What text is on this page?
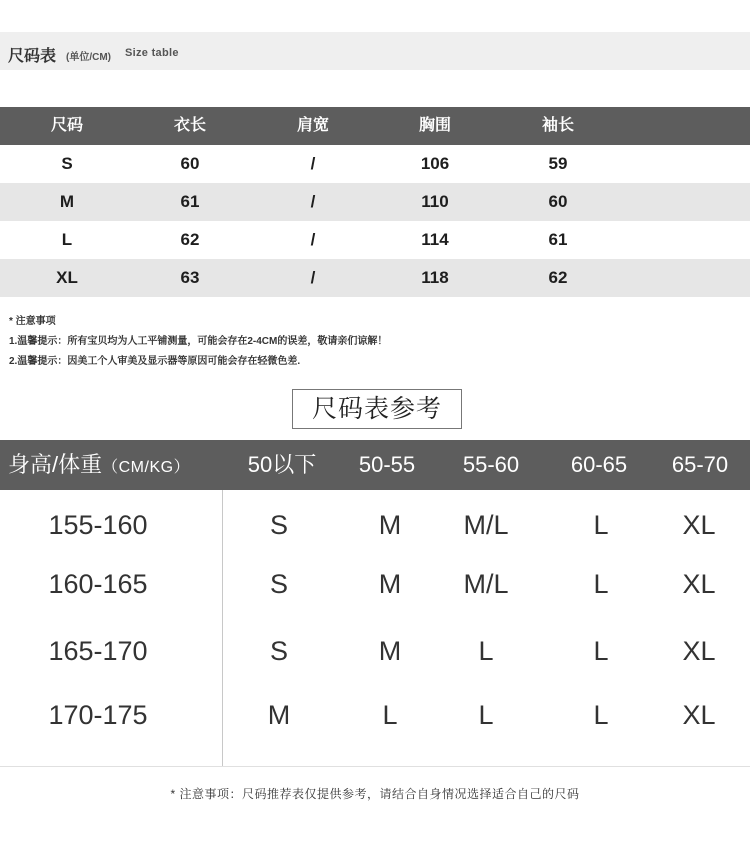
尺码表 (单位/CM) Size table
尺码	衣长	肩宽	胸围	袖长
S	60	/	106	59
M	61	/	110	60
L	62	/	114	61
XL	63	/	118	62
* 注意事项
1.温馨提示：所有宝贝均为人工平铺测量，可能会存在2-4CM的误差，敬请亲们谅解！
2.温馨提示：因美工个人审美及显示器等原因可能会存在轻微色差.
尺码表参考
身高/体重（CM/KG）	50以下 50-55 55-60 60-65 65-70
155-160	S	M M/L	L	XL
160-165	S	M M/L	L	XL
165-170	S	M	L	L	XL
170-175	M	L	L	L	XL
* 注意事项：尺码推荐表仅提供参考，请结合自身情况选择适合自己的尺码
